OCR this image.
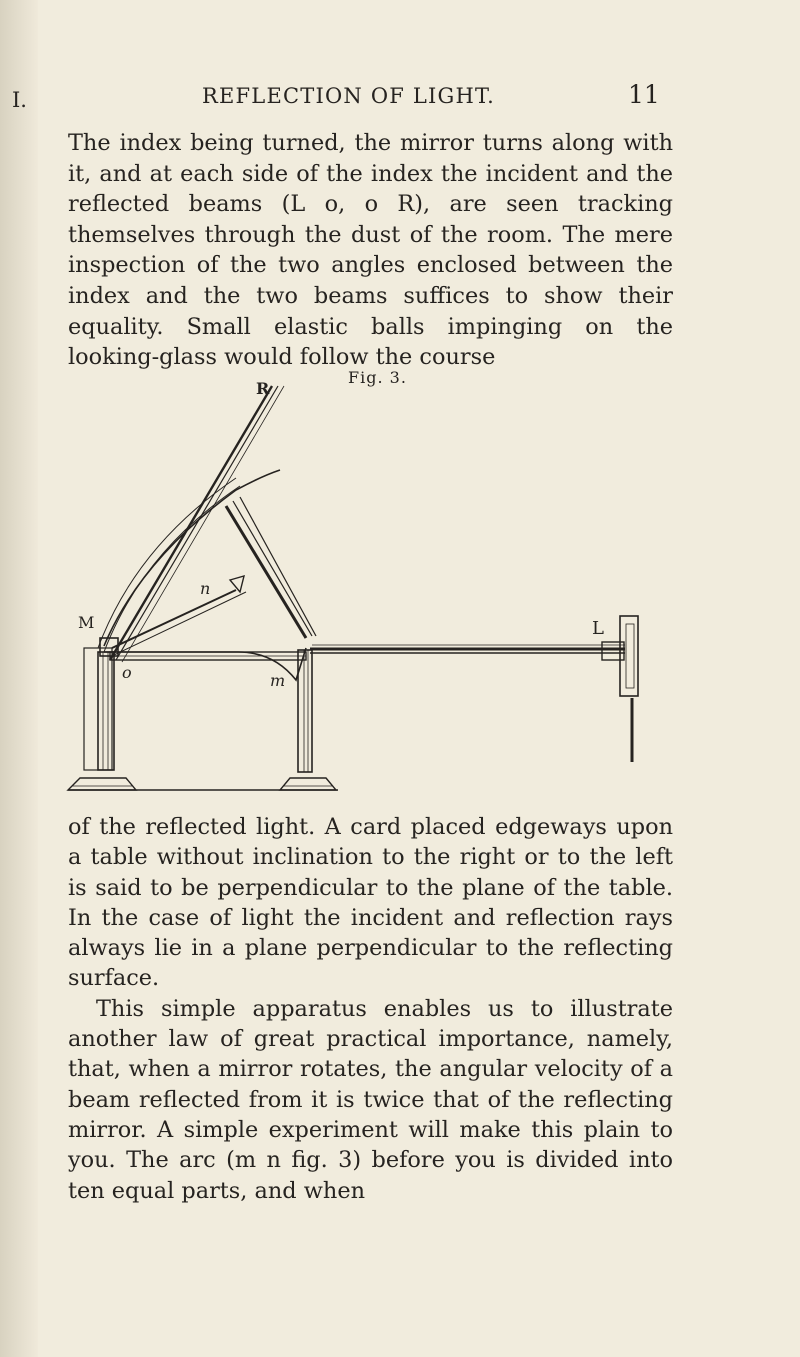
I.	REFLECTION OF LIGHT.	11

The index being turned, the mirror turns along with it, and at each side of the index the incident and the reflected beams (L o, o R), are seen tracking themselves through the dust of the room. The mere inspection of the two angles enclosed between the index and the two beams suffices to show their equality. Small elastic balls impinging on the looking-glass would follow the course

Fig. 3.
R
n
M	L
o	m

of the reflected light. A card placed edgeways upon a table without inclination to the right or to the left is said to be perpendicular to the plane of the table. In the case of light the incident and reflection rays always lie in a plane perpendicular to the reflecting surface.

This simple apparatus enables us to illustrate another law of great practical importance, namely, that, when a mirror rotates, the angular velocity of a beam reflected from it is twice that of the reflecting mirror. A simple experiment will make this plain to you. The arc (m n fig. 3) before you is divided into ten equal parts, and when
